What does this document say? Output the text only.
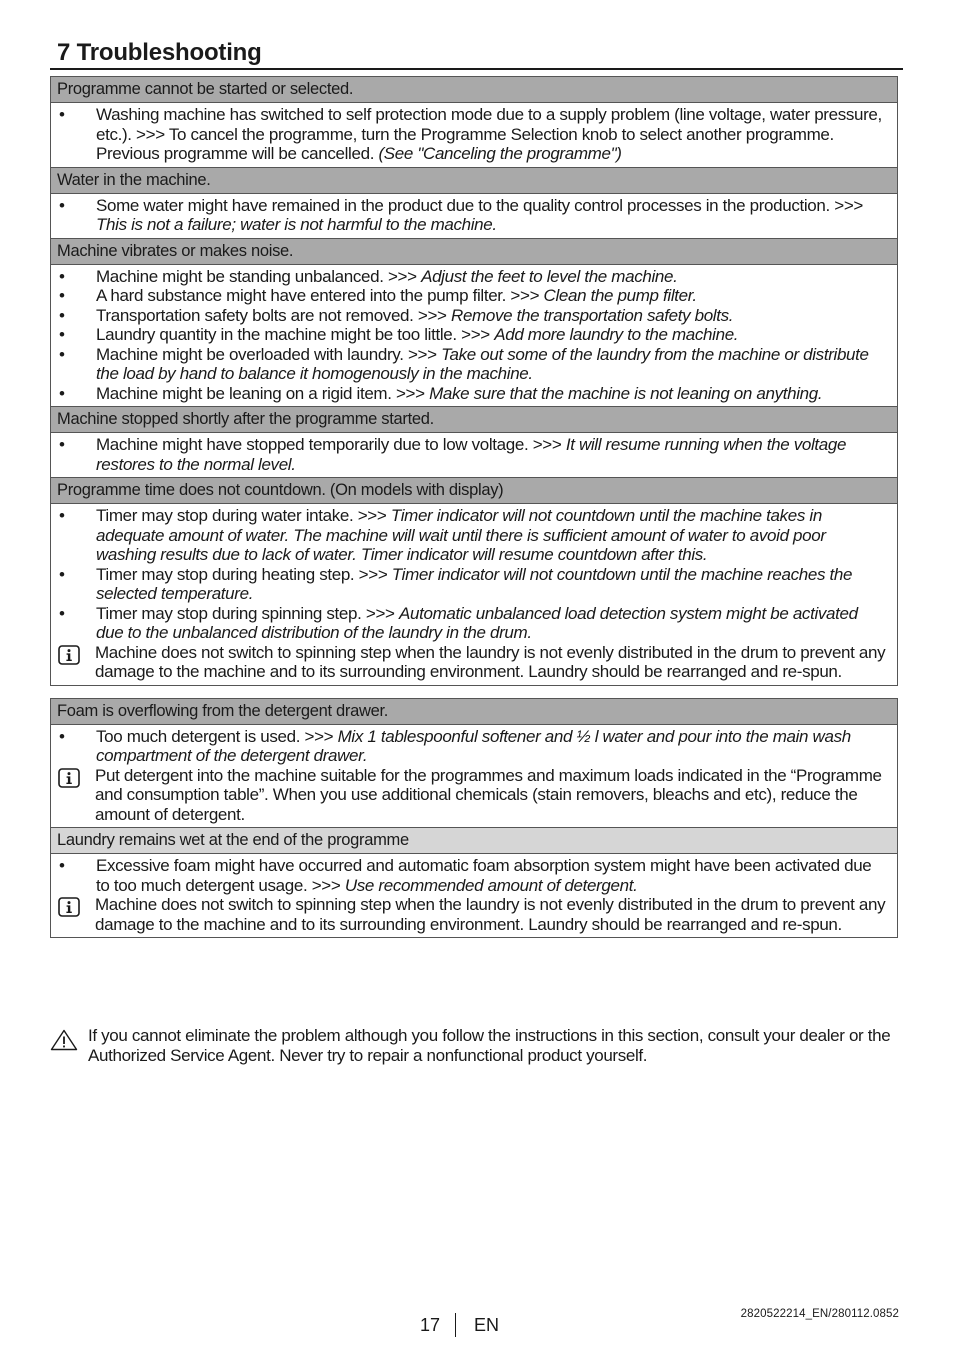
7 Troubleshooting
Programme cannot be started or selected.
•	Washing machine has switched to self protection mode due to a supply problem (line voltage, water pressure, etc.). >>> To cancel the programme, turn the Programme Selection knob to select another programme. Previous programme will be cancelled. (See "Canceling the programme")
Water in the machine.
•	Some water might have remained in the product due to the quality control processes in the production. >>> This is not a failure; water is not harmful to the machine.
Machine vibrates or makes noise.
•	Machine might be standing unbalanced. >>> Adjust the feet to level the machine.
•	A hard substance might have entered into the pump filter. >>> Clean the pump filter.
•	Transportation safety bolts are not removed. >>> Remove the transportation safety bolts.
•	Laundry quantity in the machine might be too little. >>> Add more laundry to the machine.
•	Machine might be overloaded with laundry. >>> Take out some of the laundry from the machine or distribute the load by hand to balance it homogenously in the machine.
•	Machine might be leaning on a rigid item. >>> Make sure that the machine is not leaning on anything.
Machine stopped shortly after the programme started.
•	Machine might have stopped temporarily due to low voltage. >>> It will resume running when the voltage restores to the normal level.
Programme time does not countdown. (On models with display)
•	Timer may stop during water intake. >>> Timer indicator will not countdown until the machine takes in adequate amount of water. The machine will wait until there is sufficient amount of water to avoid poor washing results due to lack of water. Timer indicator will resume countdown after this.
•	Timer may stop during heating step. >>> Timer indicator will not countdown until the machine reaches the selected temperature.
•	Timer may stop during spinning step. >>> Automatic unbalanced load detection system might be activated due to the unbalanced distribution of the laundry in the drum.
Machine does not switch to spinning step when the laundry is not evenly distributed in the drum to prevent any damage to the machine and to its surrounding environment. Laundry should be rearranged and re-spun.
Foam is overflowing from the detergent drawer.
•	Too much detergent is used. >>> Mix 1 tablespoonful softener and ½ l water and pour into the main wash compartment of the detergent drawer.
Put detergent into the machine suitable for the programmes and maximum loads indicated in the “Programme and consumption table”. When you use additional chemicals (stain removers, bleachs and etc), reduce the amount of detergent.
Laundry remains wet at the end of the programme
•	Excessive foam might have occurred and automatic foam absorption system might have been activated due to too much detergent usage. >>> Use recommended amount of detergent.
Machine does not switch to spinning step when the laundry is not evenly distributed in the drum to prevent any damage to the machine and to its surrounding environment. Laundry should be rearranged and re-spun.
If you cannot eliminate the problem although you follow the instructions in this section, consult your dealer or the Authorized Service Agent. Never try to repair a nonfunctional product yourself.
17 EN
2820522214_EN/280112.0852
